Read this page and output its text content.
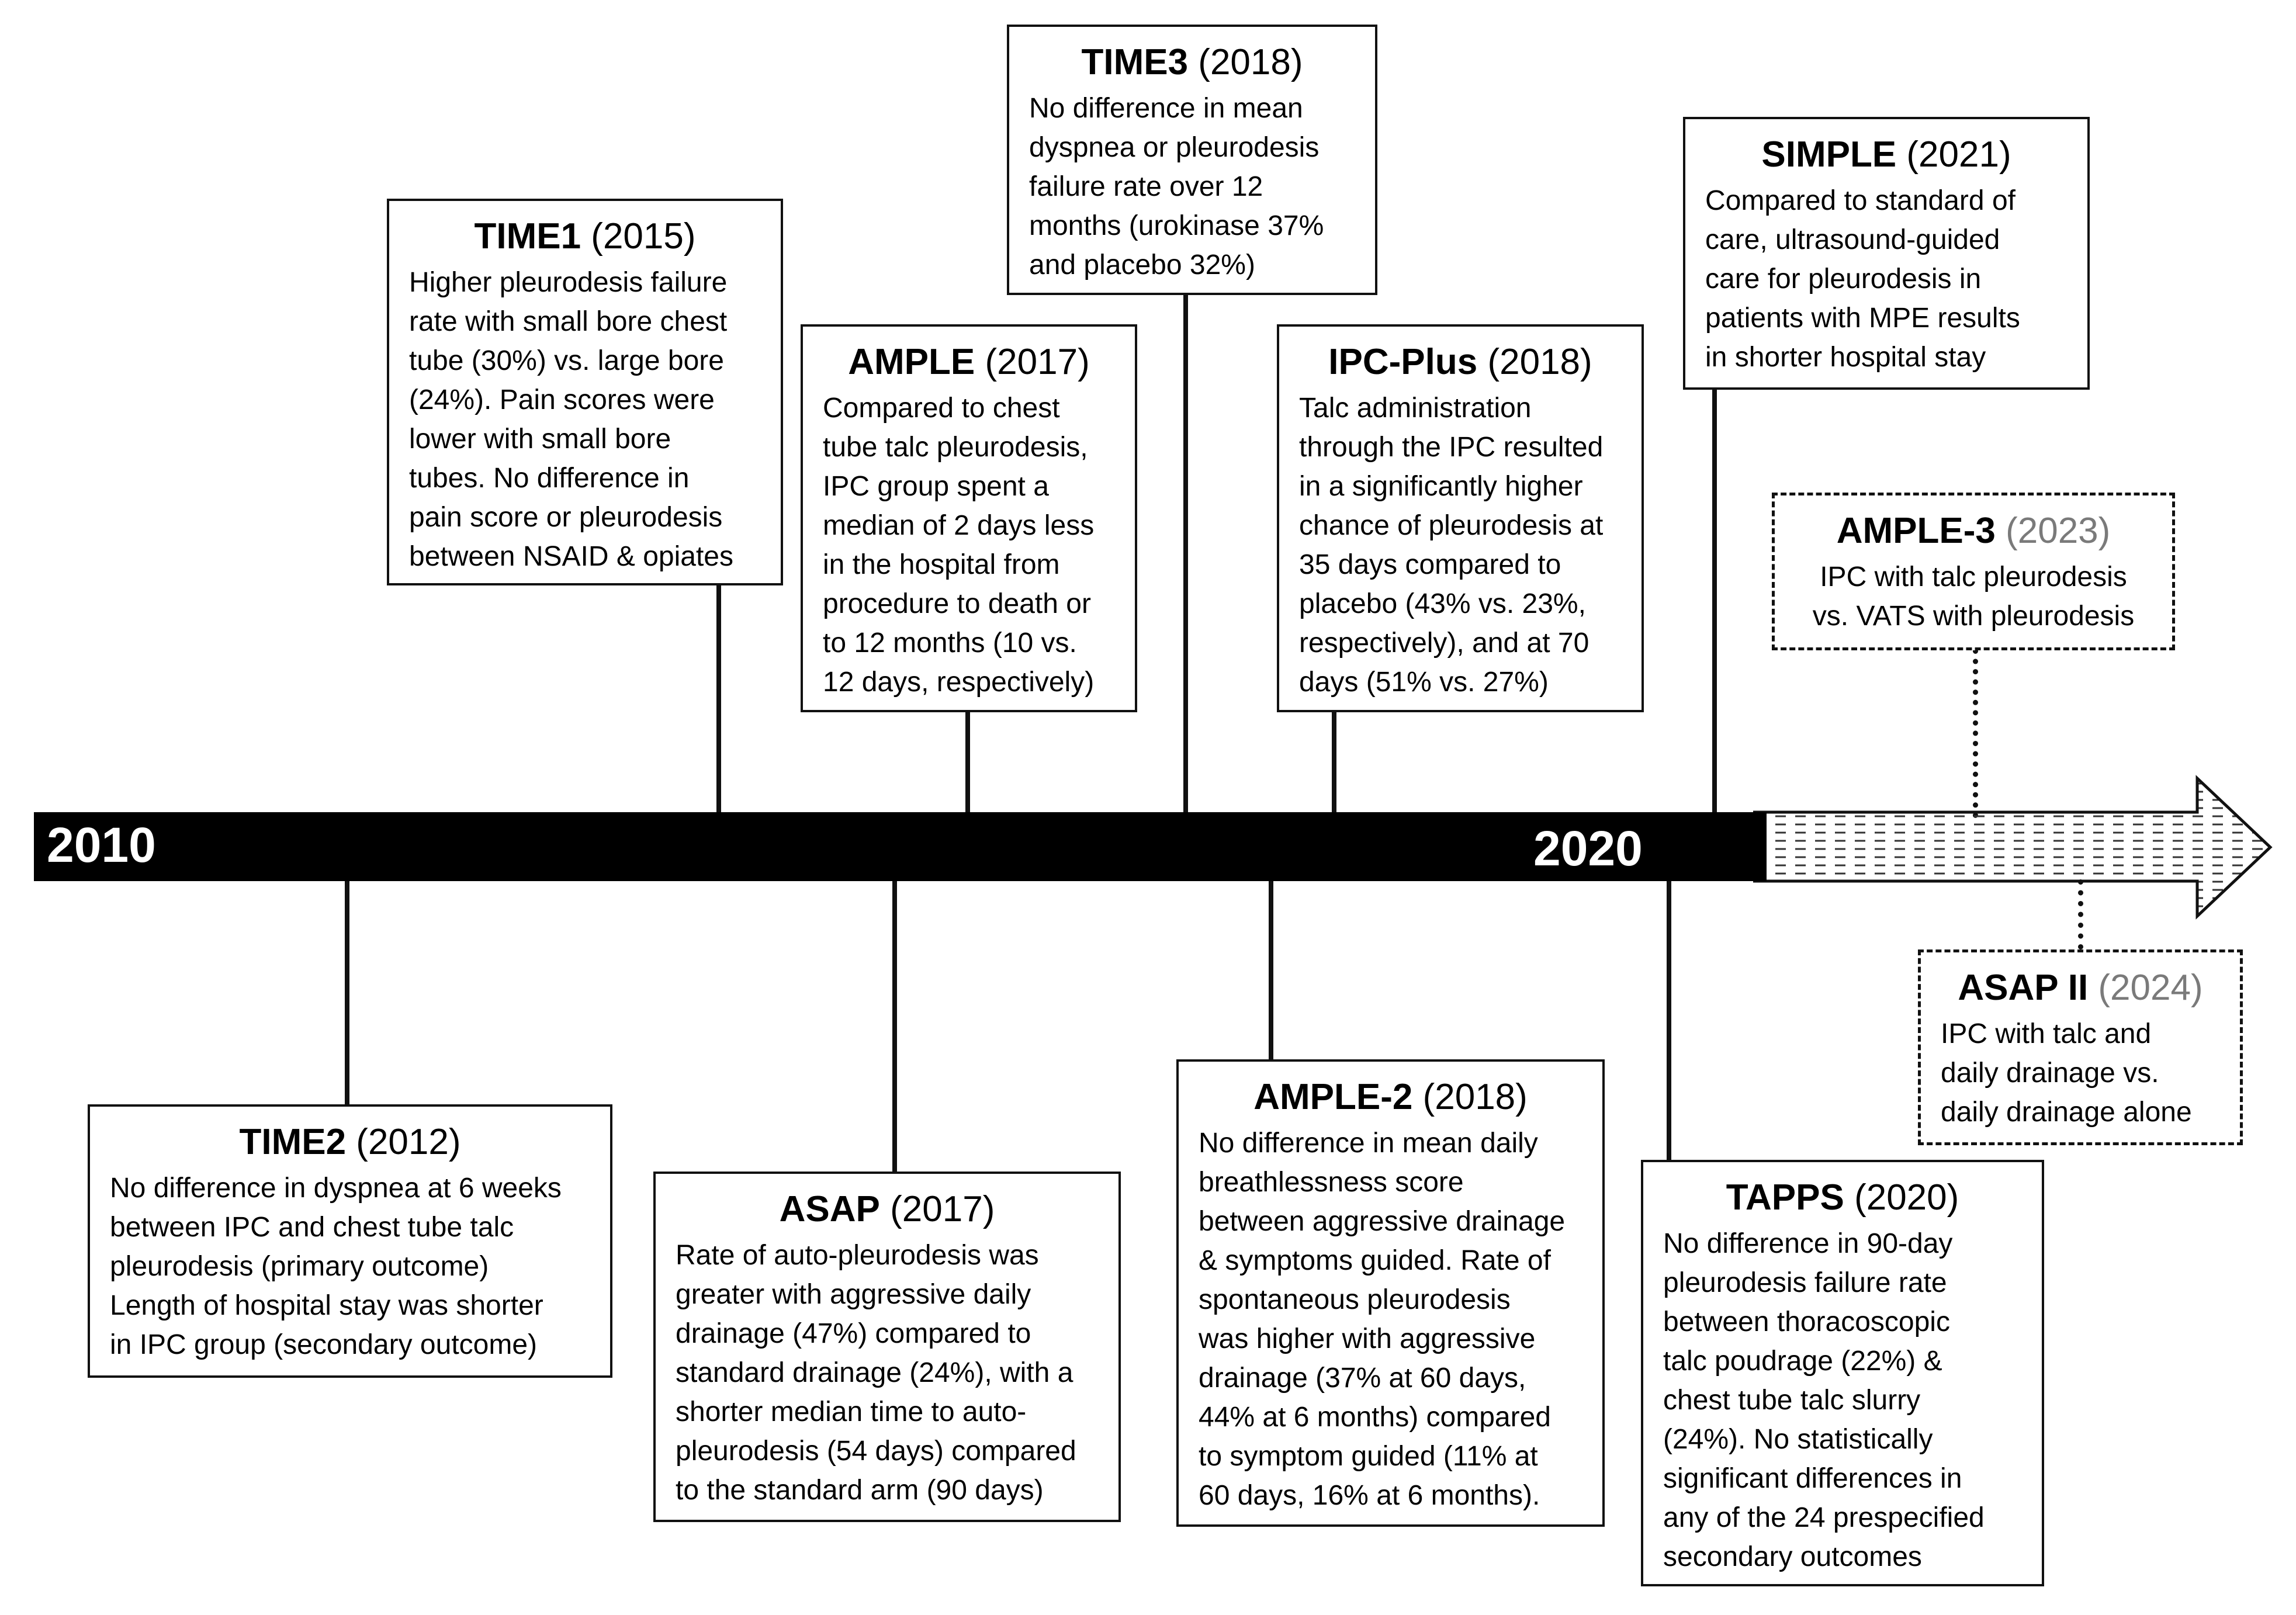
2010	2020
TIME1 (2015)
Higher pleurodesis failure
rate with small bore chest
tube (30%) vs. large bore
(24%). Pain scores were
lower with small bore
tubes. No difference in
pain score or pleurodesis
between NSAID & opiates
TIME3 (2018)
No difference in mean
dyspnea or pleurodesis
failure rate over 12
months (urokinase 37%
and placebo 32%)
AMPLE (2017)
Compared to chest
tube talc pleurodesis,
IPC group spent a
median of 2 days less
in the hospital from
procedure to death or
to 12 months (10 vs.
12 days, respectively)
IPC-Plus (2018)
Talc administration
through the IPC resulted
in a significantly higher
chance of pleurodesis at
35 days compared to
placebo (43% vs. 23%,
respectively), and at 70
days (51% vs. 27%)
SIMPLE (2021)
Compared to standard of
care, ultrasound-guided
care for pleurodesis in
patients with MPE results
in shorter hospital stay
AMPLE-3 (2023)
IPC with talc pleurodesis
vs. VATS with pleurodesis
TIME2 (2012)
No difference in dyspnea at 6 weeks
between IPC and chest tube talc
pleurodesis (primary outcome)
Length of hospital stay was shorter
in IPC group (secondary outcome)
ASAP (2017)
Rate of auto-pleurodesis was
greater with aggressive daily
drainage (47%) compared to
standard drainage (24%), with a
shorter median time to auto-
pleurodesis (54 days) compared
to the standard arm (90 days)
AMPLE-2 (2018)
No difference in mean daily
breathlessness score
between aggressive drainage
& symptoms guided. Rate of
spontaneous pleurodesis
was higher with aggressive
drainage (37% at 60 days,
44% at 6 months) compared
to symptom guided (11% at
60 days, 16% at 6 months).
TAPPS (2020)
No difference in 90-day
pleurodesis failure rate
between thoracoscopic
talc poudrage (22%) &
chest tube talc slurry
(24%). No statistically
significant differences in
any of the 24 prespecified
secondary outcomes
ASAP II (2024)
IPC with talc and
daily drainage vs.
daily drainage alone
